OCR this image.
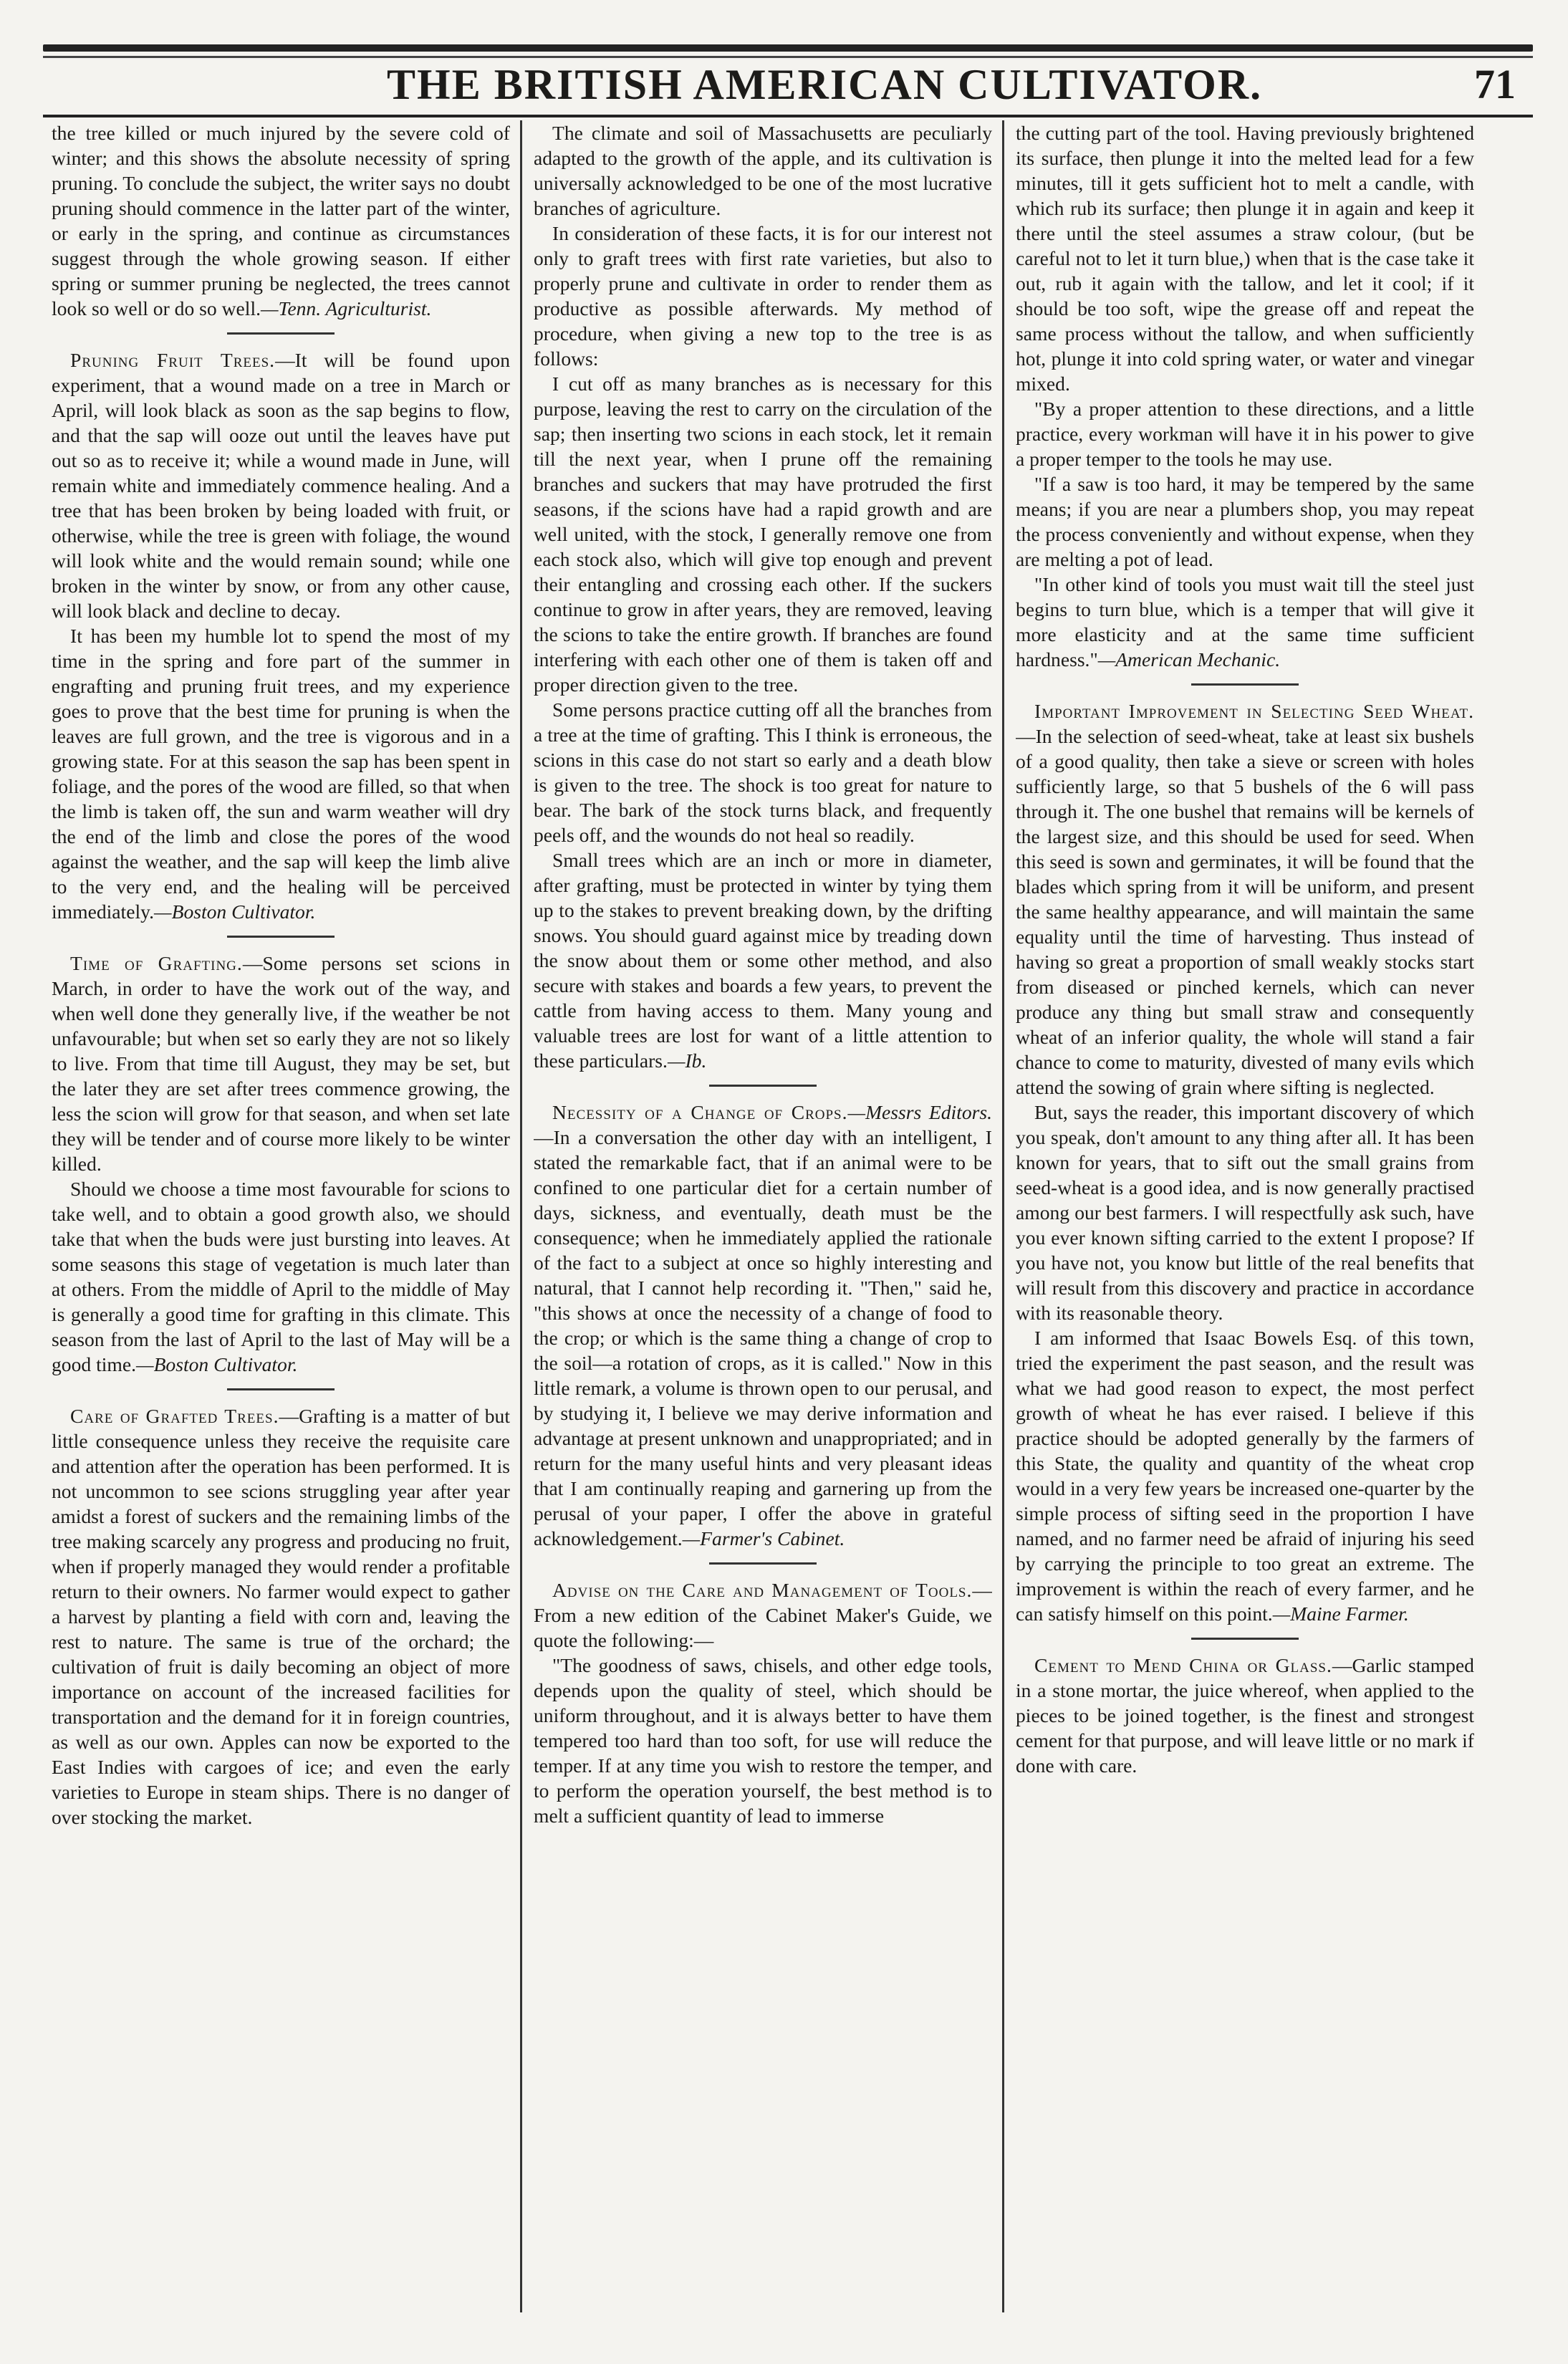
THE BRITISH AMERICAN CULTIVATOR.	71

the tree killed or much injured by the severe cold of winter; and this shows the absolute necessity of spring pruning. To conclude the subject, the writer says no doubt pruning should commence in the latter part of the winter, or early in the spring, and continue as circumstances suggest through the whole growing season. If either spring or summer pruning be neglected, the trees cannot look so well or do so well.—Tenn. Agriculturist.

Pruning Fruit Trees.—It will be found upon experiment, that a wound made on a tree in March or April, will look black as soon as the sap begins to flow, and that the sap will ooze out until the leaves have put out so as to receive it; while a wound made in June, will remain white and immediately commence healing. And a tree that has been broken by being loaded with fruit, or otherwise, while the tree is green with foliage, the wound will look white and the would remain sound; while one broken in the winter by snow, or from any other cause, will look black and decline to decay.

It has been my humble lot to spend the most of my time in the spring and fore part of the summer in engrafting and pruning fruit trees, and my experience goes to prove that the best time for pruning is when the leaves are full grown, and the tree is vigorous and in a growing state. For at this season the sap has been spent in foliage, and the pores of the wood are filled, so that when the limb is taken off, the sun and warm weather will dry the end of the limb and close the pores of the wood against the weather, and the sap will keep the limb alive to the very end, and the healing will be perceived immediately.—Boston Cultivator.

Time of Grafting.—Some persons set scions in March, in order to have the work out of the way, and when well done they generally live, if the weather be not unfavourable; but when set so early they are not so likely to live. From that time till August, they may be set, but the later they are set after trees commence growing, the less the scion will grow for that season, and when set late they will be tender and of course more likely to be winter killed.

Should we choose a time most favourable for scions to take well, and to obtain a good growth also, we should take that when the buds were just bursting into leaves. At some seasons this stage of vegetation is much later than at others. From the middle of April to the middle of May is generally a good time for grafting in this climate. This season from the last of April to the last of May will be a good time.—Boston Cultivator.

Care of Grafted Trees.—Grafting is a matter of but little consequence unless they receive the requisite care and attention after the operation has been performed. It is not uncommon to see scions struggling year after year amidst a forest of suckers and the remaining limbs of the tree making scarcely any progress and producing no fruit, when if properly managed they would render a profitable return to their owners. No farmer would expect to gather a harvest by planting a field with corn and, leaving the rest to nature. The same is true of the orchard; the cultivation of fruit is daily becoming an object of more importance on account of the increased facilities for transportation and the demand for it in foreign countries, as well as our own. Apples can now be exported to the East Indies with cargoes of ice; and even the early varieties to Europe in steam ships. There is no danger of over stocking the market.

The climate and soil of Massachusetts are peculiarly adapted to the growth of the apple, and its cultivation is universally acknowledged to be one of the most lucrative branches of agriculture.

In consideration of these facts, it is for our interest not only to graft trees with first rate varieties, but also to properly prune and cultivate in order to render them as productive as possible afterwards. My method of procedure, when giving a new top to the tree is as follows:

I cut off as many branches as is necessary for this purpose, leaving the rest to carry on the circulation of the sap; then inserting two scions in each stock, let it remain till the next year, when I prune off the remaining branches and suckers that may have protruded the first seasons, if the scions have had a rapid growth and are well united, with the stock, I generally remove one from each stock also, which will give top enough and prevent their entangling and crossing each other. If the suckers continue to grow in after years, they are removed, leaving the scions to take the entire growth. If branches are found interfering with each other one of them is taken off and proper direction given to the tree.

Some persons practice cutting off all the branches from a tree at the time of grafting. This I think is erroneous, the scions in this case do not start so early and a death blow is given to the tree. The shock is too great for nature to bear. The bark of the stock turns black, and frequently peels off, and the wounds do not heal so readily.

Small trees which are an inch or more in diameter, after grafting, must be protected in winter by tying them up to the stakes to prevent breaking down, by the drifting snows. You should guard against mice by treading down the snow about them or some other method, and also secure with stakes and boards a few years, to prevent the cattle from having access to them. Many young and valuable trees are lost for want of a little attention to these particulars.—Ib.

Necessity of a Change of Crops.—Messrs Editors.—In a conversation the other day with an intelligent, I stated the remarkable fact, that if an animal were to be confined to one particular diet for a certain number of days, sickness, and eventually, death must be the consequence; when he immediately applied the rationale of the fact to a subject at once so highly interesting and natural, that I cannot help recording it. "Then," said he, "this shows at once the necessity of a change of food to the crop; or which is the same thing a change of crop to the soil—a rotation of crops, as it is called." Now in this little remark, a volume is thrown open to our perusal, and by studying it, I believe we may derive information and advantage at present unknown and unappropriated; and in return for the many useful hints and very pleasant ideas that I am continually reaping and garnering up from the perusal of your paper, I offer the above in grateful acknowledgement.—Farmer's Cabinet.

Advise on the Care and Management of Tools.—From a new edition of the Cabinet Maker's Guide, we quote the following:—

"The goodness of saws, chisels, and other edge tools, depends upon the quality of steel, which should be uniform throughout, and it is always better to have them tempered too hard than too soft, for use will reduce the temper. If at any time you wish to restore the temper, and to perform the operation yourself, the best method is to melt a sufficient quantity of lead to immerse

the cutting part of the tool. Having previously brightened its surface, then plunge it into the melted lead for a few minutes, till it gets sufficient hot to melt a candle, with which rub its surface; then plunge it in again and keep it there until the steel assumes a straw colour, (but be careful not to let it turn blue,) when that is the case take it out, rub it again with the tallow, and let it cool; if it should be too soft, wipe the grease off and repeat the same process without the tallow, and when sufficiently hot, plunge it into cold spring water, or water and vinegar mixed.

"By a proper attention to these directions, and a little practice, every workman will have it in his power to give a proper temper to the tools he may use.

"If a saw is too hard, it may be tempered by the same means; if you are near a plumbers shop, you may repeat the process conveniently and without expense, when they are melting a pot of lead.

"In other kind of tools you must wait till the steel just begins to turn blue, which is a temper that will give it more elasticity and at the same time sufficient hardness."—American Mechanic.

Important Improvement in Selecting Seed Wheat.—In the selection of seed-wheat, take at least six bushels of a good quality, then take a sieve or screen with holes sufficiently large, so that 5 bushels of the 6 will pass through it. The one bushel that remains will be kernels of the largest size, and this should be used for seed. When this seed is sown and germinates, it will be found that the blades which spring from it will be uniform, and present the same healthy appearance, and will maintain the same equality until the time of harvesting. Thus instead of having so great a proportion of small weakly stocks start from diseased or pinched kernels, which can never produce any thing but small straw and consequently wheat of an inferior quality, the whole will stand a fair chance to come to maturity, divested of many evils which attend the sowing of grain where sifting is neglected.

But, says the reader, this important discovery of which you speak, don't amount to any thing after all. It has been known for years, that to sift out the small grains from seed-wheat is a good idea, and is now generally practised among our best farmers. I will respectfully ask such, have you ever known sifting carried to the extent I propose? If you have not, you know but little of the real benefits that will result from this discovery and practice in accordance with its reasonable theory.

I am informed that Isaac Bowels Esq. of this town, tried the experiment the past season, and the result was what we had good reason to expect, the most perfect growth of wheat he has ever raised. I believe if this practice should be adopted generally by the farmers of this State, the quality and quantity of the wheat crop would in a very few years be increased one-quarter by the simple process of sifting seed in the proportion I have named, and no farmer need be afraid of injuring his seed by carrying the principle to too great an extreme. The improvement is within the reach of every farmer, and he can satisfy himself on this point.—Maine Farmer.

Cement to Mend China or Glass.—Garlic stamped in a stone mortar, the juice whereof, when applied to the pieces to be joined together, is the finest and strongest cement for that purpose, and will leave little or no mark if done with care.
